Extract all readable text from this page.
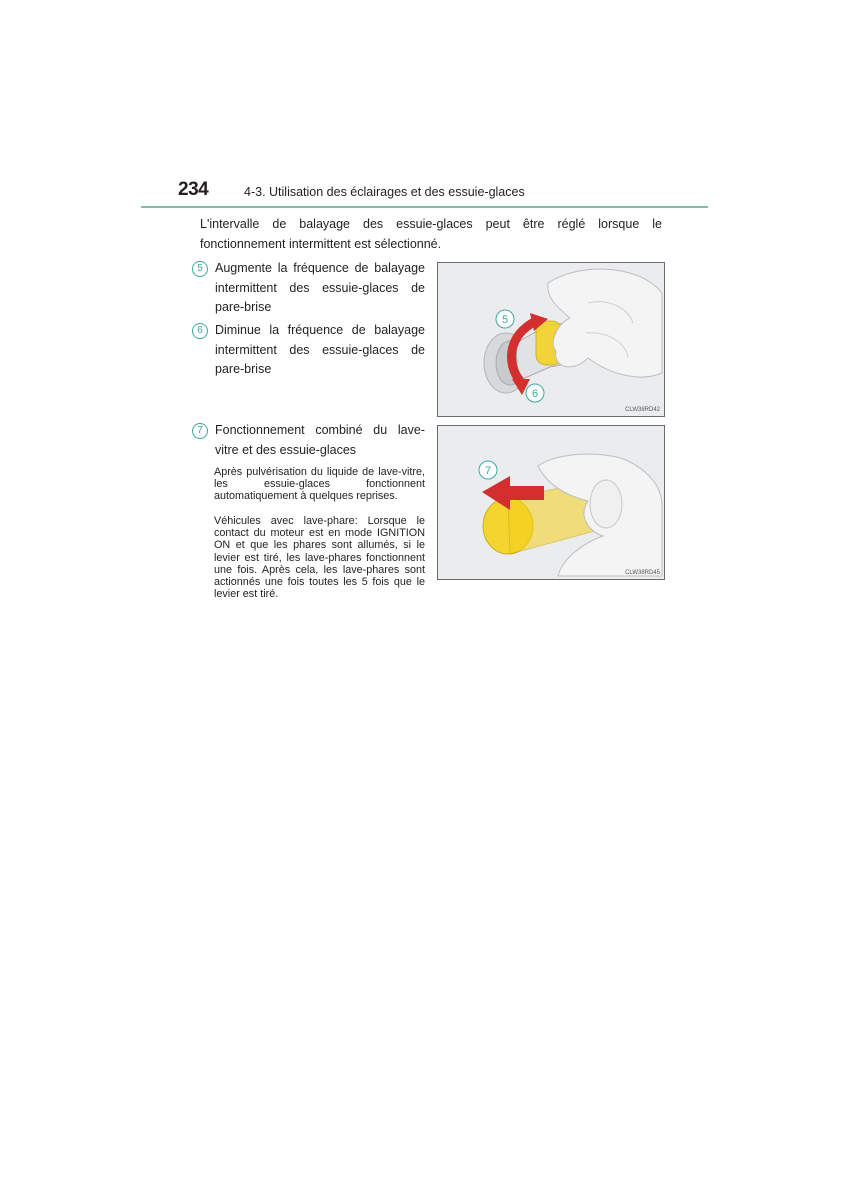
234	4-3. Utilisation des éclairages et des essuie-glaces
L'intervalle de balayage des essuie-glaces peut être réglé lorsque le fonctionnement intermittent est sélectionné.
5 Augmente la fréquence de balayage intermittent des essuie-glaces de pare-brise
6 Diminue la fréquence de balayage intermittent des essuie-glaces de pare-brise
7 Fonctionnement combiné du lave-vitre et des essuie-glaces
Après pulvérisation du liquide de lave-vitre, les essuie-glaces fonctionnent automatiquement à quelques reprises.
Véhicules avec lave-phare: Lorsque le contact du moteur est en mode IGNITION ON et que les phares sont allumés, si le levier est tiré, les lave-phares fonctionnent une fois. Après cela, les lave-phares sont actionnés une fois toutes les 5 fois que le levier est tiré.
5
6
CLW38RD42
7
CLW38RD45
